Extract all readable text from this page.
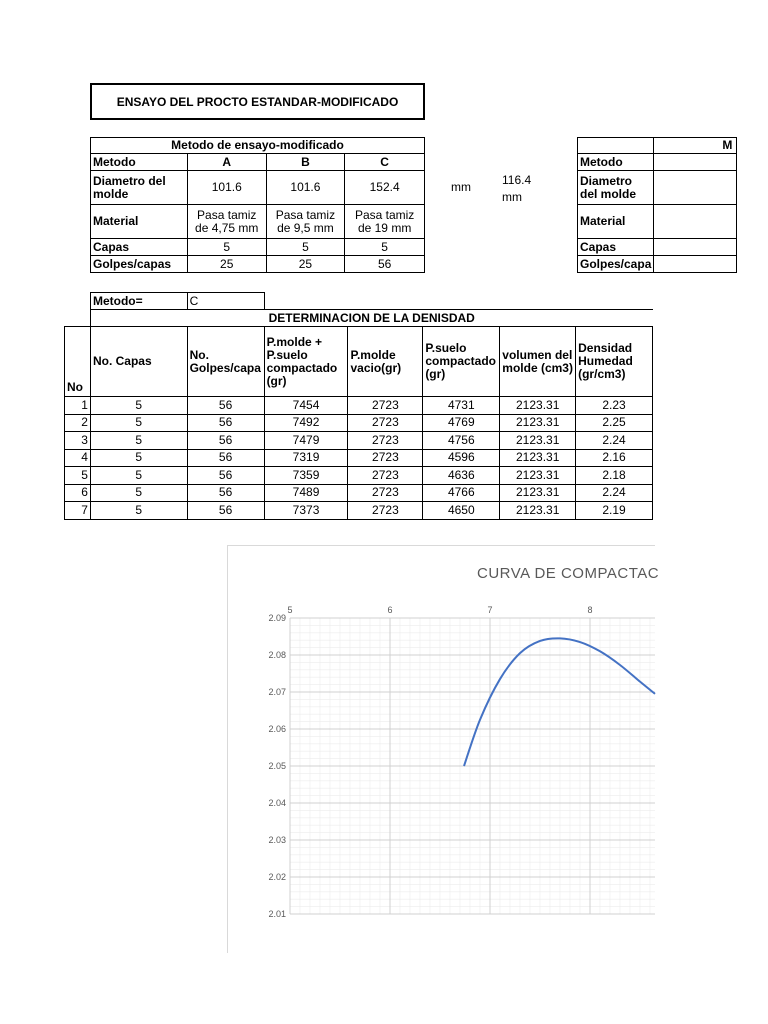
ENSAYO DEL PROCTO ESTANDAR-MODIFICADO
Metodo de ensayo-modificado			
Metodo	A	B	C
Diametro del molde	101.6	101.6	152.4
Material	Pasa tamiz de 4,75 mm	Pasa tamiz de 9,5 mm	Pasa tamiz de 19 mm
Capas	5	5	5
Golpes/capas	25	25	56
mm	116.4 mm
	M
Metodo	
Diametro del molde	
Material	
Capas	
Golpes/capa	
	Metodo=	C					
	DETERMINACION DE LA DENISDAD						
No	No. Capas	No. Golpes/capa	P.molde + P.suelo compactado (gr)	P.molde vacio(gr)	P.suelo compactado (gr)	volumen del molde (cm3)	Densidad Humedad (gr/cm3)
1	5	56	7454	2723	4731	2123.31	2.23
2	5	56	7492	2723	4769	2123.31	2.25
3	5	56	7479	2723	4756	2123.31	2.24
4	5	56	7319	2723	4596	2123.31	2.16
5	5	56	7359	2723	4636	2123.31	2.18
6	5	56	7489	2723	4766	2123.31	2.24
7	5	56	7373	2723	4650	2123.31	2.19
CURVA DE COMPACTAC
5	6	7	8
2.09
2.08
2.07
2.06
2.05
2.04
2.03
2.02
2.01
